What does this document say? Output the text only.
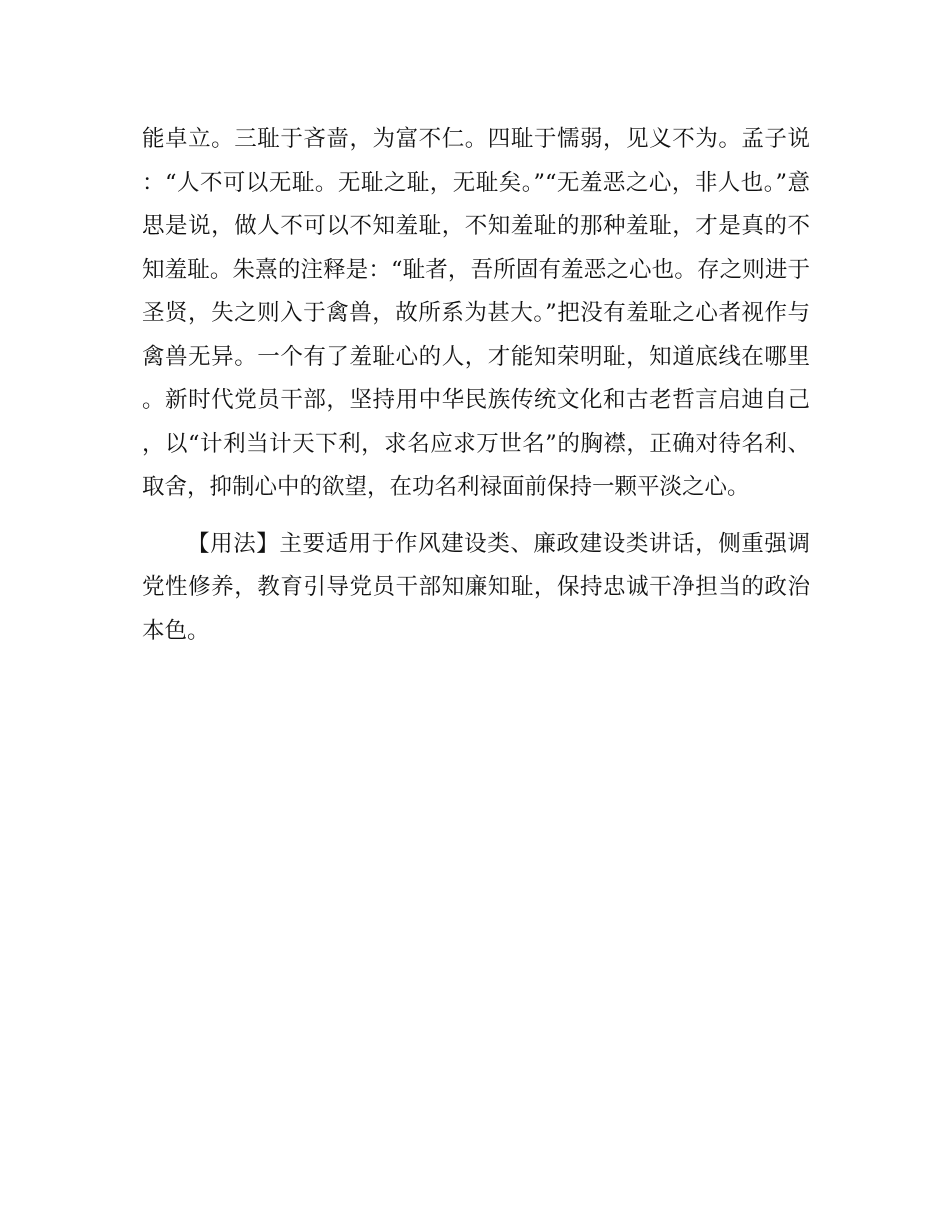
能卓立。三耻于吝啬，为富不仁。四耻于懦弱，见义不为。孟子说：“人不可以无耻。无耻之耻，无耻矣。”“无羞恶之心，非人也。”意思是说，做人不可以不知羞耻，不知羞耻的那种羞耻，才是真的不知羞耻。朱熹的注释是：“耻者，吾所固有羞恶之心也。存之则进于圣贤，失之则入于禽兽，故所系为甚大。”把没有羞耻之心者视作与禽兽无异。一个有了羞耻心的人，才能知荣明耻，知道底线在哪里。新时代党员干部，坚持用中华民族传统文化和古老哲言启迪自己，以“计利当计天下利，求名应求万世名”的胸襟，正确对待名利、取舍，抑制心中的欲望，在功名利禄面前保持一颗平淡之心。

【用法】主要适用于作风建设类、廉政建设类讲话，侧重强调党性修养，教育引导党员干部知廉知耻，保持忠诚干净担当的政治本色。
